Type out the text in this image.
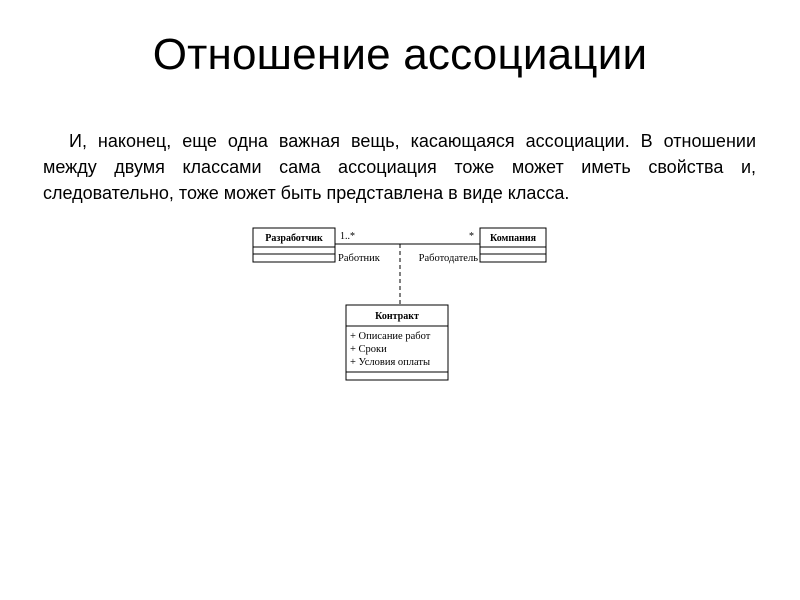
Отношение ассоциации

И, наконец, еще одна важная вещь, касающаяся ассоциации. В отношении между двумя классами сама ассоциация тоже может иметь свойства и, следовательно, тоже может быть представлена в виде класса.

Разработчик	Компания
1..*	*
Работник	Работодатель
Контракт
+ Описание работ
+ Сроки
+ Условия оплаты
